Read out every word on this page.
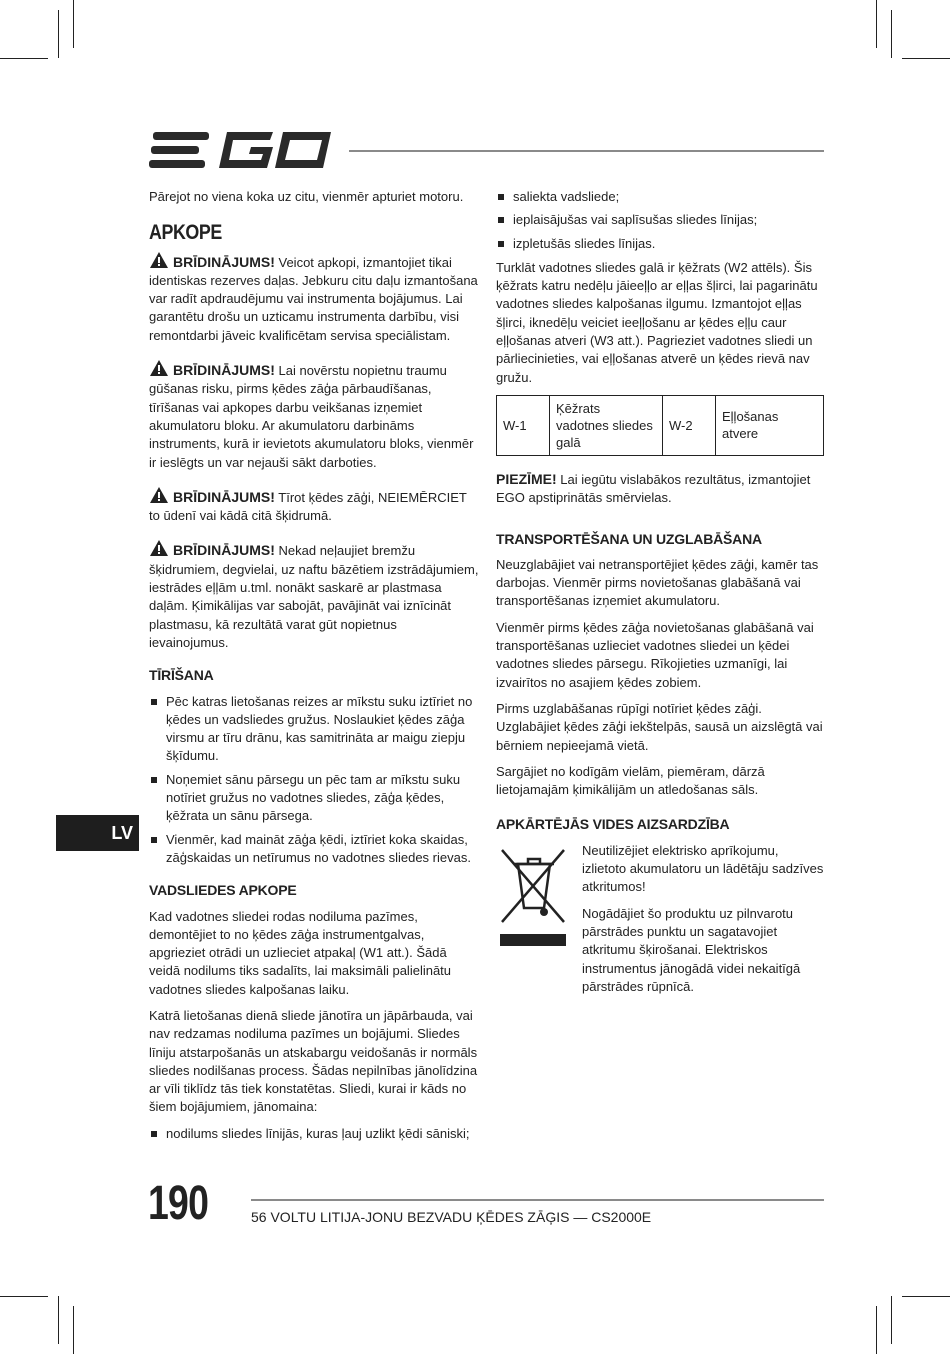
Pārejot no viena koka uz citu, vienmēr apturiet motoru.

APKOPE
BRĪDINĀJUMS! Veicot apkopi, izmantojiet tikai identiskas rezerves daļas. Jebkuru citu daļu izmantošana var radīt apdraudējumu vai instrumenta bojājumus. Lai garantētu drošu un uzticamu instrumenta darbību, visi remontdarbi jāveic kvalificētam servisa speciālistam.
BRĪDINĀJUMS! Lai novērstu nopietnu traumu gūšanas risku, pirms ķēdes zāģa pārbaudīšanas, tīrīšanas vai apkopes darbu veikšanas izņemiet akumulatoru bloku. Ar akumulatoru darbināms instruments, kurā ir ievietots akumulatoru bloks, vienmēr ir ieslēgts un var nejauši sākt darboties.
BRĪDINĀJUMS! Tīrot ķēdes zāģi, NEIEMĒRCIET to ūdenī vai kādā citā šķidrumā.
BRĪDINĀJUMS! Nekad neļaujiet bremžu šķidrumiem, degvielai, uz naftu bāzētiem izstrādājumiem, iestrādes eļļām u.tml. nonākt saskarē ar plastmasa daļām. Ķimikālijas var sabojāt, pavājināt vai iznīcināt plastmasu, kā rezultātā varat gūt nopietnus ievainojumus.
TĪRĪŠANA
Pēc katras lietošanas reizes ar mīkstu suku iztīriet no ķēdes un vadsliedes gružus. Noslaukiet ķēdes zāģa virsmu ar tīru drānu, kas samitrināta ar maigu ziepju šķīdumu.
Noņemiet sānu pārsegu un pēc tam ar mīkstu suku notīriet gružus no vadotnes sliedes, zāģa ķēdes, ķēžrata un sānu pārsega.
Vienmēr, kad maināt zāģa ķēdi, iztīriet koka skaidas, zāģskaidas un netīrumus no vadotnes sliedes rievas.
VADSLIEDES APKOPE

Kad vadotnes sliedei rodas nodiluma pazīmes, demontējiet to no ķēdes zāģa instrumentgalvas, apgrieziet otrādi un uzlieciet atpakaļ (W1 att.). Šādā veidā nodilums tiks sadalīts, lai maksimāli palielinātu vadotnes sliedes kalpošanas laiku.

Katrā lietošanas dienā sliede jānotīra un jāpārbauda, vai nav redzamas nodiluma pazīmes un bojājumi. Sliedes līniju atstarpošanās un atskabargu veidošanās ir normāls sliedes nodilšanas process. Šādas nepilnības jānolīdzina ar vīli tiklīdz tās tiek konstatētas. Sliedi, kurai ir kāds no šiem bojājumiem, jānomaina:

nodilums sliedes līnijās, kuras ļauj uzlikt ķēdi sāniski;
saliekta vadsliede;
ieplaisājušas vai saplīsušas sliedes līnijas;
izpletušās sliedes līnijas.

Turklāt vadotnes sliedes galā ir ķēžrats (W2 attēls). Šis ķēžrats katru nedēļu jāieeļļo ar eļļas šļirci, lai pagarinātu vadotnes sliedes kalpošanas ilgumu. Izmantojot eļļas šļirci, iknedēļu veiciet ieeļļošanu ar ķēdes eļļu caur eļļošanas atveri (W3 att.). Pagrieziet vadotnes sliedi un pārliecinieties, vai eļļošanas atverē un ķēdes rievā nav gružu.

W-1	Ķēžrats vadotnes sliedes galā	W-2	Eļļošanas atvere

PIEZĪME! Lai iegūtu vislabākos rezultātus, izmantojiet EGO apstiprinātās smērvielas.

TRANSPORTĒŠANA UN UZGLABĀŠANA

Neuzglabājiet vai netransportējiet ķēdes zāģi, kamēr tas darbojas. Vienmēr pirms novietošanas glabāšanā vai transportēšanas izņemiet akumulatoru.

Vienmēr pirms ķēdes zāģa novietošanas glabāšanā vai transportēšanas uzlieciet vadotnes sliedei un ķēdei vadotnes sliedes pārsegu. Rīkojieties uzmanīgi, lai izvairītos no asajiem ķēdes zobiem.

Pirms uzglabāšanas rūpīgi notīriet ķēdes zāģi. Uzglabājiet ķēdes zāģi iekštelpās, sausā un aizslēgtā vai bērniem nepieejamā vietā.

Sargājiet no kodīgām vielām, piemēram, dārzā lietojamajām ķimikālijām un atledošanas sāls.

APKĀRTĒJĀS VIDES AIZSARDZĪBA

Neutilizējiet elektrisko aprīkojumu, izlietoto akumulatoru un lādētāju sadzīves atkritumos!

Nogādājiet šo produktu uz pilnvarotu pārstrādes punktu un sagatavojiet atkritumu šķirošanai. Elektriskos instrumentus jānogādā videi nekaitīgā pārstrādes rūpnīcā.

LV
190	56 VOLTU LITIJA-JONU BEZVADU ĶĒDES ZĀĢIS — CS2000E
